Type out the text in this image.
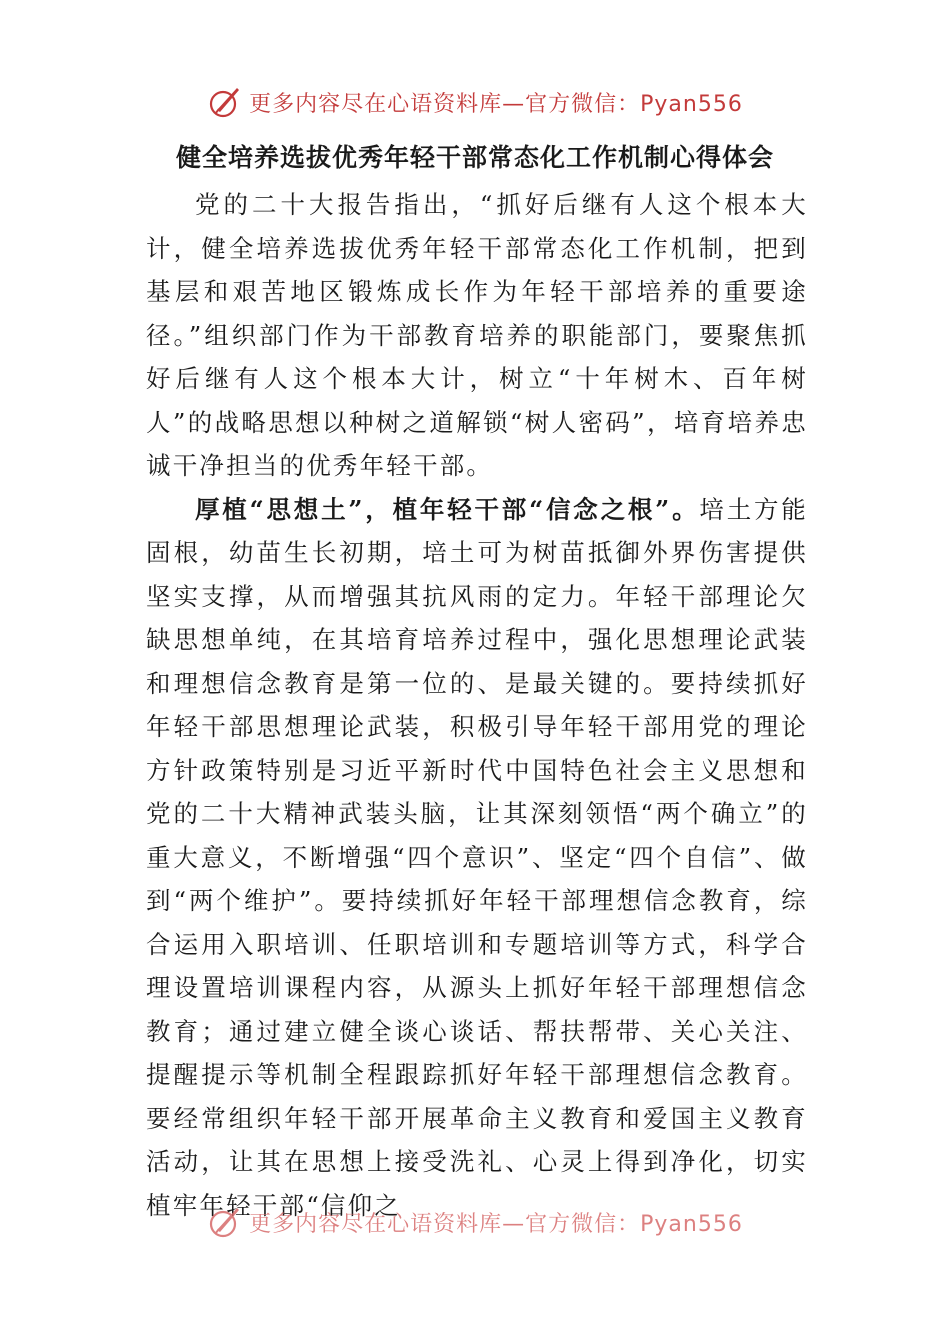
更多内容尽在心语资料库—官方微信：Pyan556
健全培养选拔优秀年轻干部常态化工作机制心得体会

党的二十大报告指出，“抓好后继有人这个根本大计，健全培养选拔优秀年轻干部常态化工作机制，把到基层和艰苦地区锻炼成长作为年轻干部培养的重要途径。”组织部门作为干部教育培养的职能部门，要聚焦抓好后继有人这个根本大计，树立“十年树木、百年树人”的战略思想以种树之道解锁“树人密码”，培育培养忠诚干净担当的优秀年轻干部。

厚植“思想土”，植年轻干部“信念之根”。培土方能固根，幼苗生长初期，培土可为树苗抵御外界伤害提供坚实支撑，从而增强其抗风雨的定力。年轻干部理论欠缺思想单纯，在其培育培养过程中，强化思想理论武装和理想信念教育是第一位的、是最关键的。要持续抓好年轻干部思想理论武装，积极引导年轻干部用党的理论方针政策特别是习近平新时代中国特色社会主义思想和党的二十大精神武装头脑，让其深刻领悟“两个确立”的重大意义，不断增强“四个意识”、坚定“四个自信”、做到“两个维护”。要持续抓好年轻干部理想信念教育，综合运用入职培训、任职培训和专题培训等方式，科学合理设置培训课程内容，从源头上抓好年轻干部理想信念教育；通过建立健全谈心谈话、帮扶帮带、关心关注、提醒提示等机制全程跟踪抓好年轻干部理想信念教育。要经常组织年轻干部开展革命主义教育和爱国主义教育活动，让其在思想上接受洗礼、心灵上得到净化，切实植牢年轻干部“信仰之

更多内容尽在心语资料库—官方微信：Pyan556
